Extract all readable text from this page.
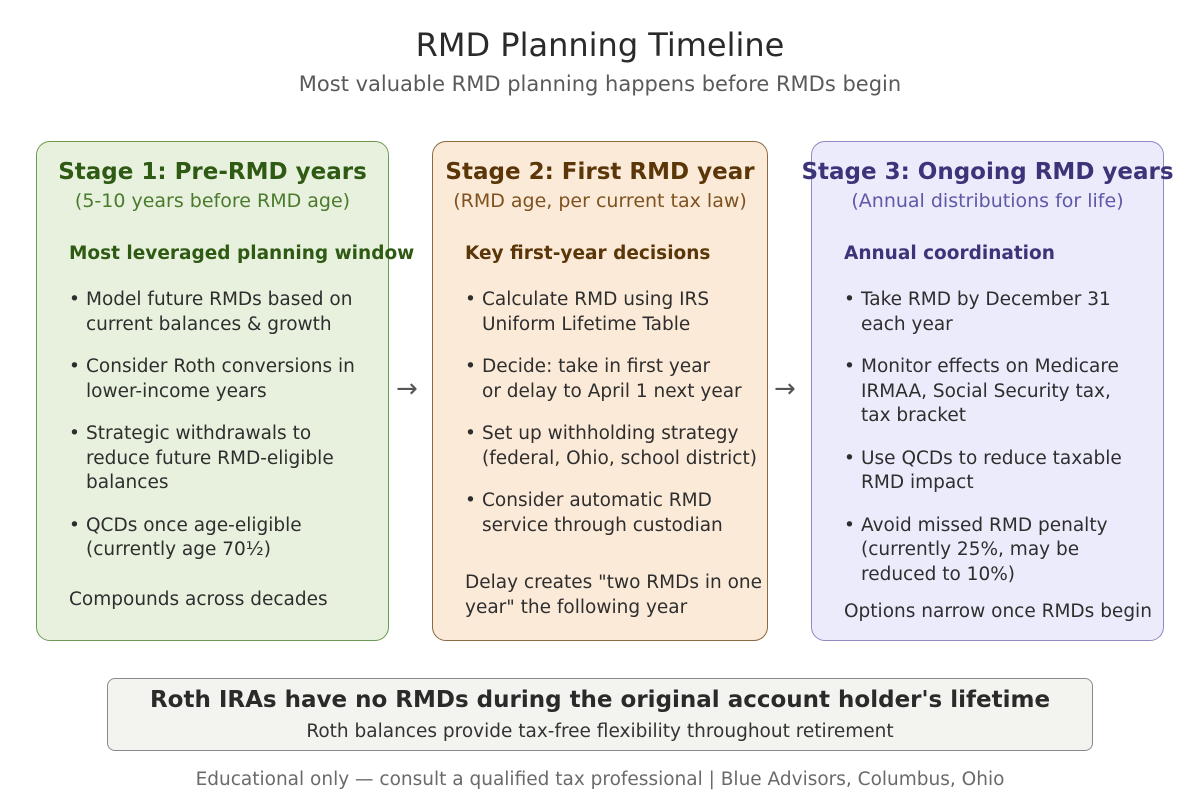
RMD Planning Timeline
Most valuable RMD planning happens before RMDs begin
Stage 1: Pre-RMD years
(5-10 years before RMD age)
Most leveraged planning window
• Model future RMDs based on
current balances & growth
• Consider Roth conversions in
lower-income years
• Strategic withdrawals to
reduce future RMD-eligible
balances
• QCDs once age-eligible
(currently age 70½)
Compounds across decades
→
Stage 2: First RMD year
(RMD age, per current tax law)
Key first-year decisions
• Calculate RMD using IRS
Uniform Lifetime Table
• Decide: take in first year
or delay to April 1 next year
• Set up withholding strategy
(federal, Ohio, school district)
• Consider automatic RMD
service through custodian
Delay creates "two RMDs in one
year" the following year
→
Stage 3: Ongoing RMD years
(Annual distributions for life)
Annual coordination
• Take RMD by December 31
each year
• Monitor effects on Medicare
IRMAA, Social Security tax,
tax bracket
• Use QCDs to reduce taxable
RMD impact
• Avoid missed RMD penalty
(currently 25%, may be
reduced to 10%)
Options narrow once RMDs begin
Roth IRAs have no RMDs during the original account holder's lifetime
Roth balances provide tax-free flexibility throughout retirement
Educational only — consult a qualified tax professional | Blue Advisors, Columbus, Ohio
